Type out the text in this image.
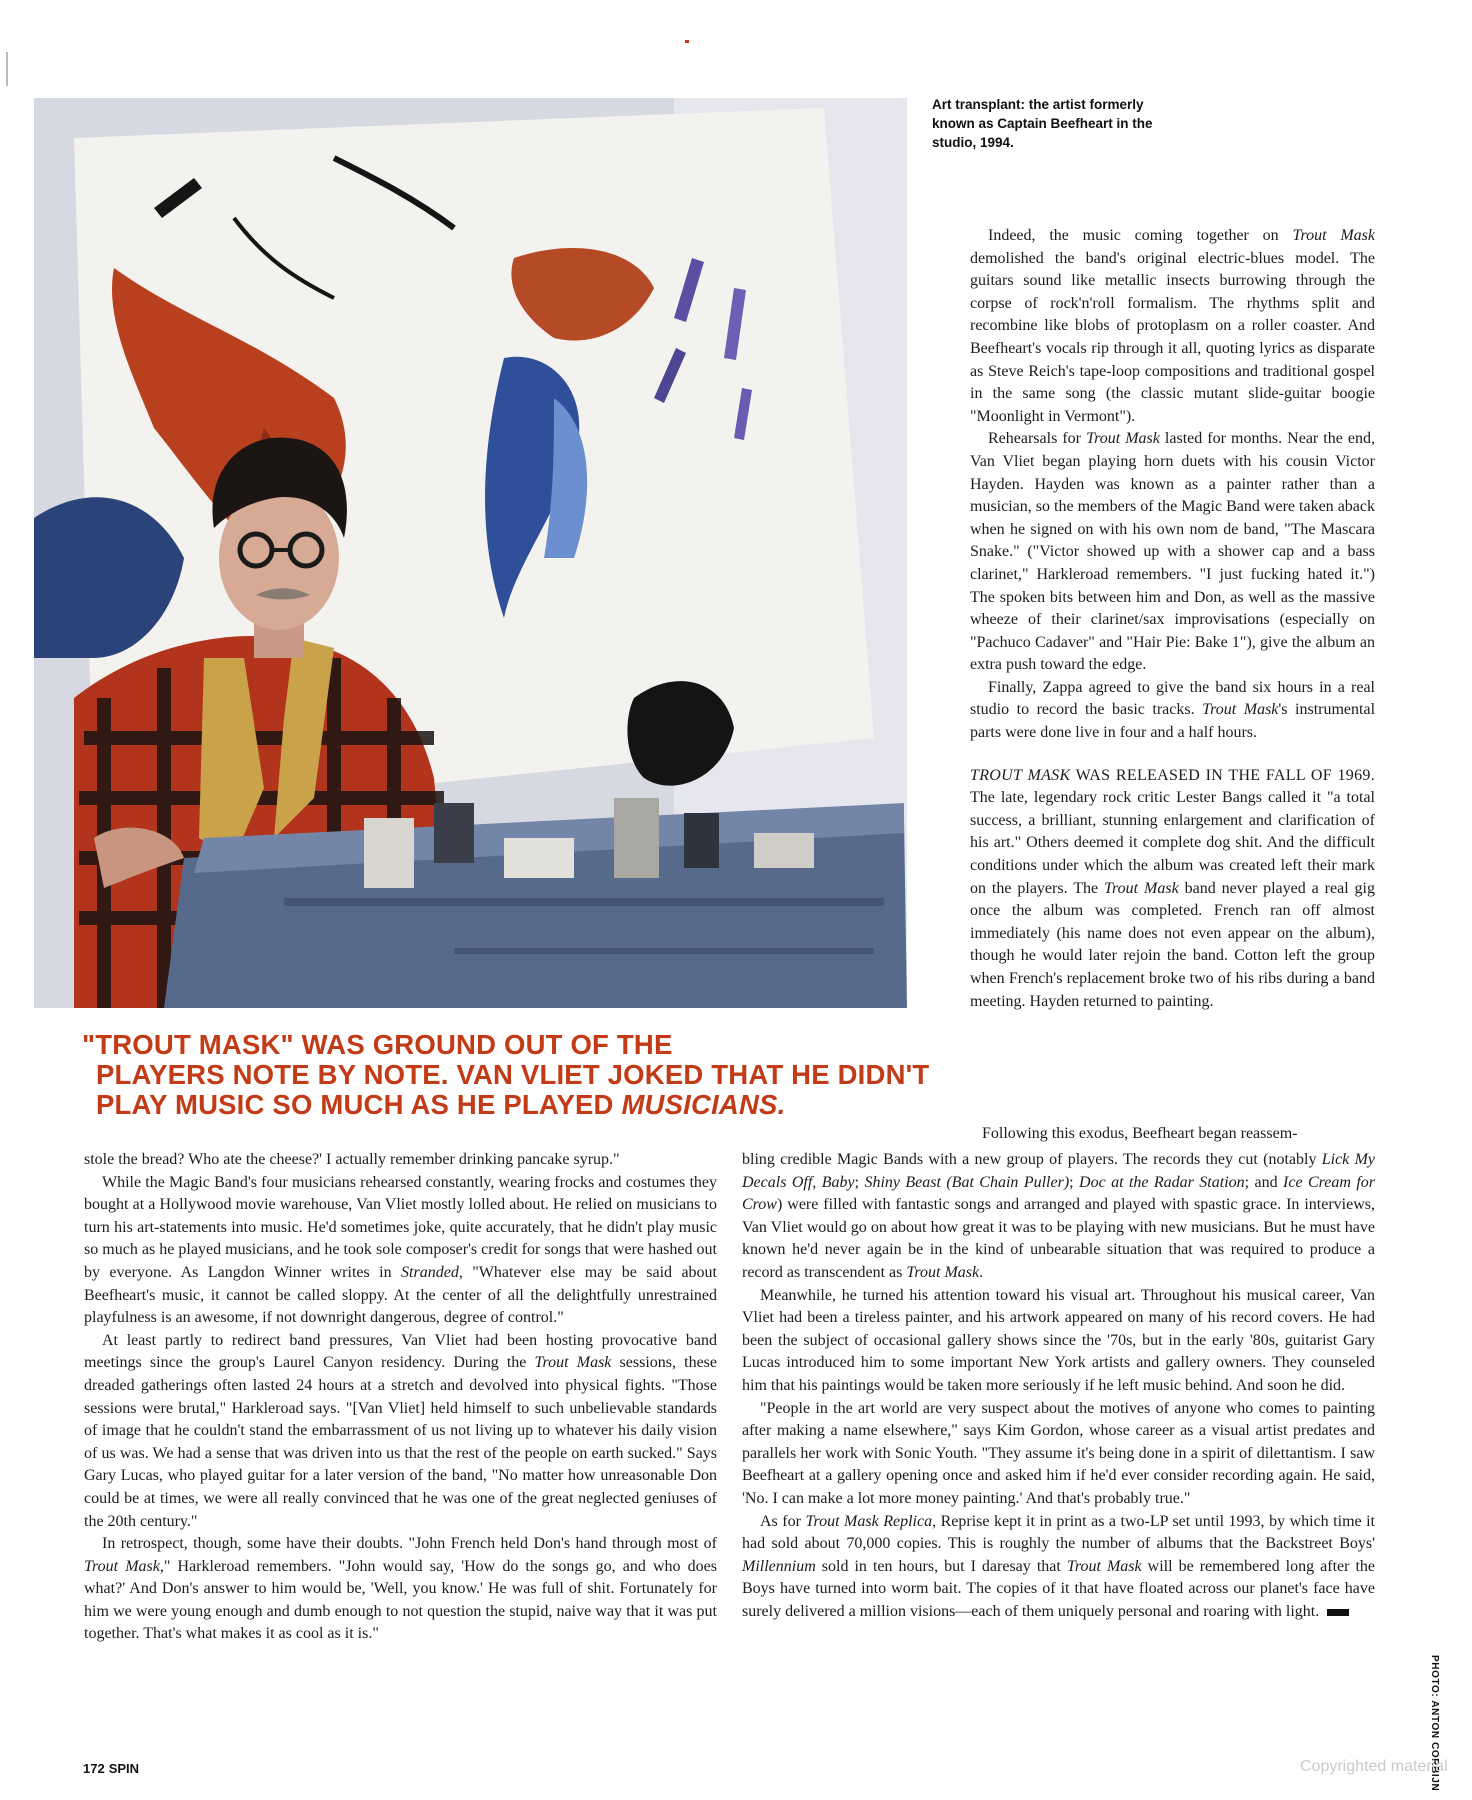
Art transplant: the artist formerly known as Captain Beefheart in the studio, 1994.
"TROUT MASK" WAS GROUND OUT OF THE
PLAYERS NOTE BY NOTE. VAN VLIET JOKED THAT HE DIDN'T
PLAY MUSIC SO MUCH AS HE PLAYED MUSICIANS.

Indeed, the music coming together on Trout Mask demolished the band's original electric-blues model. The guitars sound like metallic insects burrowing through the corpse of rock'n'roll formalism. The rhythms split and recombine like blobs of protoplasm on a roller coaster. And Beefheart's vocals rip through it all, quoting lyrics as disparate as Steve Reich's tape-loop compositions and traditional gospel in the same song (the classic mutant slide-guitar boogie "Moonlight in Vermont").

Rehearsals for Trout Mask lasted for months. Near the end, Van Vliet began playing horn duets with his cousin Victor Hayden. Hayden was known as a painter rather than a musician, so the members of the Magic Band were taken aback when he signed on with his own nom de band, "The Mascara Snake." ("Victor showed up with a shower cap and a bass clarinet," Harkleroad remembers. "I just fucking hated it.") The spoken bits between him and Don, as well as the massive wheeze of their clarinet/sax improvisations (especially on "Pachuco Cadaver" and "Hair Pie: Bake 1"), give the album an extra push toward the edge.

Finally, Zappa agreed to give the band six hours in a real studio to record the basic tracks. Trout Mask's instrumental parts were done live in four and a half hours.

TROUT MASK WAS RELEASED IN THE FALL OF 1969. The late, legendary rock critic Lester Bangs called it "a total success, a brilliant, stunning enlargement and clarification of his art." Others deemed it complete dog shit. And the difficult conditions under which the album was created left their mark on the players. The Trout Mask band never played a real gig once the album was completed. French ran off almost immediately (his name does not even appear on the album), though he would later rejoin the band. Cotton left the group when French's replacement broke two of his ribs during a band meeting. Hayden returned to painting.

Following this exodus, Beefheart began reassem-

stole the bread? Who ate the cheese?' I actually remember drinking pancake syrup."

While the Magic Band's four musicians rehearsed constantly, wearing frocks and costumes they bought at a Hollywood movie warehouse, Van Vliet mostly lolled about. He relied on musicians to turn his art-statements into music. He'd sometimes joke, quite accurately, that he didn't play music so much as he played musicians, and he took sole composer's credit for songs that were hashed out by everyone. As Langdon Winner writes in Stranded, "Whatever else may be said about Beefheart's music, it cannot be called sloppy. At the center of all the delightfully unrestrained playfulness is an awesome, if not downright dangerous, degree of control."

At least partly to redirect band pressures, Van Vliet had been hosting provocative band meetings since the group's Laurel Canyon residency. During the Trout Mask sessions, these dreaded gatherings often lasted 24 hours at a stretch and devolved into physical fights. "Those sessions were brutal," Harkleroad says. "[Van Vliet] held himself to such unbelievable standards of image that he couldn't stand the embarrassment of us not living up to whatever his daily vision of us was. We had a sense that was driven into us that the rest of the people on earth sucked." Says Gary Lucas, who played guitar for a later version of the band, "No matter how unreasonable Don could be at times, we were all really convinced that he was one of the great neglected geniuses of the 20th century."

In retrospect, though, some have their doubts. "John French held Don's hand through most of Trout Mask," Harkleroad remembers. "John would say, 'How do the songs go, and who does what?' And Don's answer to him would be, 'Well, you know.' He was full of shit. Fortunately for him we were young enough and dumb enough to not question the stupid, naive way that it was put together. That's what makes it as cool as it is."

bling credible Magic Bands with a new group of players. The records they cut (notably Lick My Decals Off, Baby; Shiny Beast (Bat Chain Puller); Doc at the Radar Station; and Ice Cream for Crow) were filled with fantastic songs and arranged and played with spastic grace. In interviews, Van Vliet would go on about how great it was to be playing with new musicians. But he must have known he'd never again be in the kind of unbearable situation that was required to produce a record as transcendent as Trout Mask.

Meanwhile, he turned his attention toward his visual art. Throughout his musical career, Van Vliet had been a tireless painter, and his artwork appeared on many of his record covers. He had been the subject of occasional gallery shows since the '70s, but in the early '80s, guitarist Gary Lucas introduced him to some important New York artists and gallery owners. They counseled him that his paintings would be taken more seriously if he left music behind. And soon he did.

"People in the art world are very suspect about the motives of anyone who comes to painting after making a name elsewhere," says Kim Gordon, whose career as a visual artist predates and parallels her work with Sonic Youth. "They assume it's being done in a spirit of dilettantism. I saw Beefheart at a gallery opening once and asked him if he'd ever consider recording again. He said, 'No. I can make a lot more money painting.' And that's probably true."

As for Trout Mask Replica, Reprise kept it in print as a two-LP set until 1993, by which time it had sold about 70,000 copies. This is roughly the number of albums that the Backstreet Boys' Millennium sold in ten hours, but I daresay that Trout Mask will be remembered long after the Boys have turned into worm bait. The copies of it that have floated across our planet's face have surely delivered a million visions—each of them uniquely personal and roaring with light.

172 SPIN	PHOTO: ANTON CORBIJN
Copyrighted material
